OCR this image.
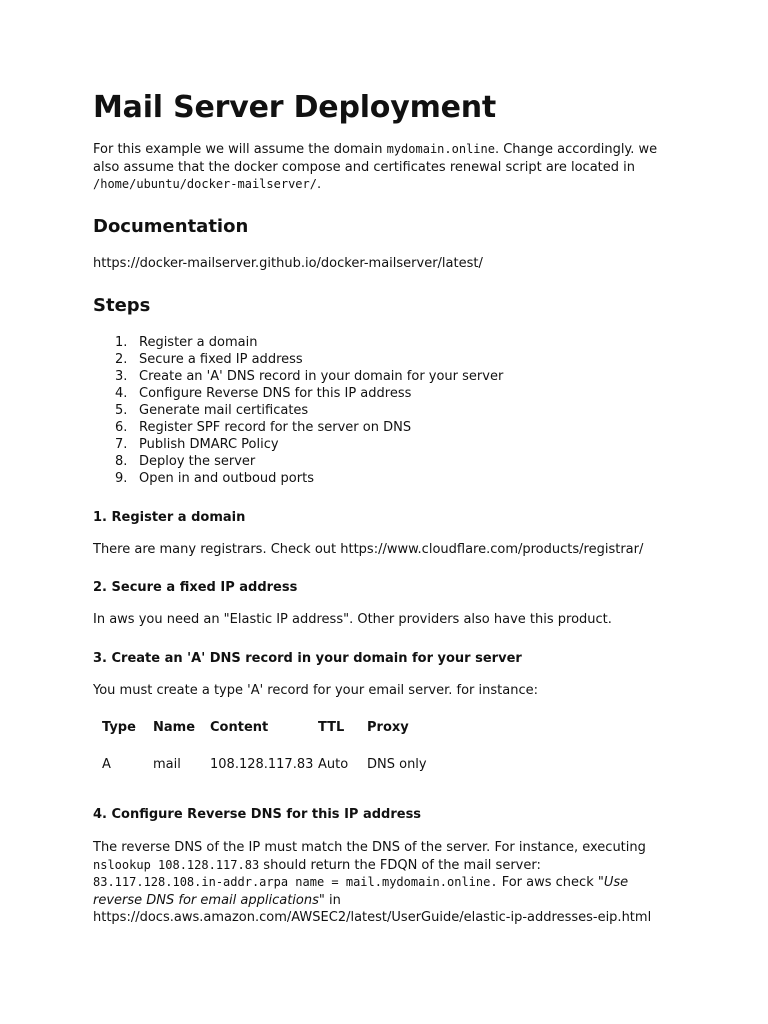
Mail Server Deployment

For this example we will assume the domain mydomain.online. Change accordingly. we also assume that the docker compose and certificates renewal script are located in /home/ubuntu/docker-mailserver/.

Documentation

https://docker-mailserver.github.io/docker-mailserver/latest/

Steps
1. Register a domain
2. Secure a fixed IP address
3. Create an 'A' DNS record in your domain for your server
4. Configure Reverse DNS for this IP address
5. Generate mail certificates
6. Register SPF record for the server on DNS
7. Publish DMARC Policy
8. Deploy the server
9. Open in and outboud ports
1. Register a domain

There are many registrars. Check out https://www.cloudflare.com/products/registrar/

2. Secure a fixed IP address

In aws you need an "Elastic IP address". Other providers also have this product.

3. Create an 'A' DNS record in your domain for your server

You must create a type 'A' record for your email server. for instance:

Type	Name	Content	TTL	Proxy
A	mail	108.128.117.83	Auto	DNS only
4. Configure Reverse DNS for this IP address

The reverse DNS of the IP must match the DNS of the server. For instance, executing nslookup 108.128.117.83 should return the FDQN of the mail server: 83.117.128.108.in-addr.arpa name = mail.mydomain.online. For aws check "Use reverse DNS for email applications" in https://docs.aws.amazon.com/AWSEC2/latest/UserGuide/elastic-ip-addresses-eip.html
